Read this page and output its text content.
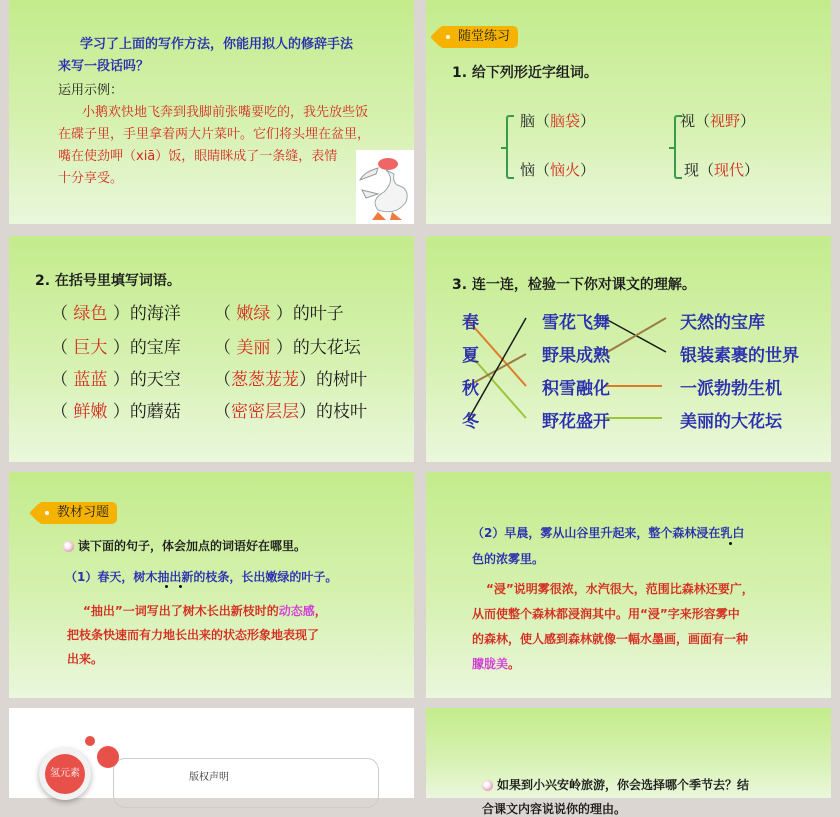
学习了上面的写作方法，你能用拟人的修辞手法
来写一段话吗？
运用示例：
小鹅欢快地飞奔到我脚前张嘴要吃的，我先放些饭
在碟子里，手里拿着两大片菜叶。它们将头埋在盆里，
嘴在使劲呷（xiā）饭，眼睛眯成了一条缝，表情
十分享受。
随堂练习
1. 给下列形近字组词。
脑（脑袋）
恼（恼火）
视（视野）
现（现代）
2. 在括号里填写词语。
（ 绿色 ）的海洋 （ 嫩绿 ）的叶子
（ 巨大 ）的宝库 （ 美丽 ）的大花坛
（ 蓝蓝 ）的天空 （葱葱茏茏）的树叶
（ 鲜嫩 ）的蘑菇 （密密层层）的枝叶
3. 连一连，检验一下你对课文的理解。
春
夏
秋
冬
雪花飞舞
野果成熟
积雪融化
野花盛开
天然的宝库
银装素裹的世界
一派勃勃生机
美丽的大花坛
教材习题
读下面的句子，体会加点的词语好在哪里。
（1）春天，树木抽出新的枝条，长出嫩绿的叶子。
“抽出”一词写出了树木长出新枝时的动态感，
把枝条快速而有力地长出来的状态形象地表现了
出来。
（2）早晨，雾从山谷里升起来，整个森林浸在乳白
色的浓雾里。
“浸”说明雾很浓，水汽很大，范围比森林还要广，
从而使整个森林都浸润其中。用“浸”字来形容雾中
的森林，使人感到森林就像一幅水墨画，画面有一种
朦胧美。
氢元素	版权声明
如果到小兴安岭旅游，你会选择哪个季节去？结
合课文内容说说你的理由。
